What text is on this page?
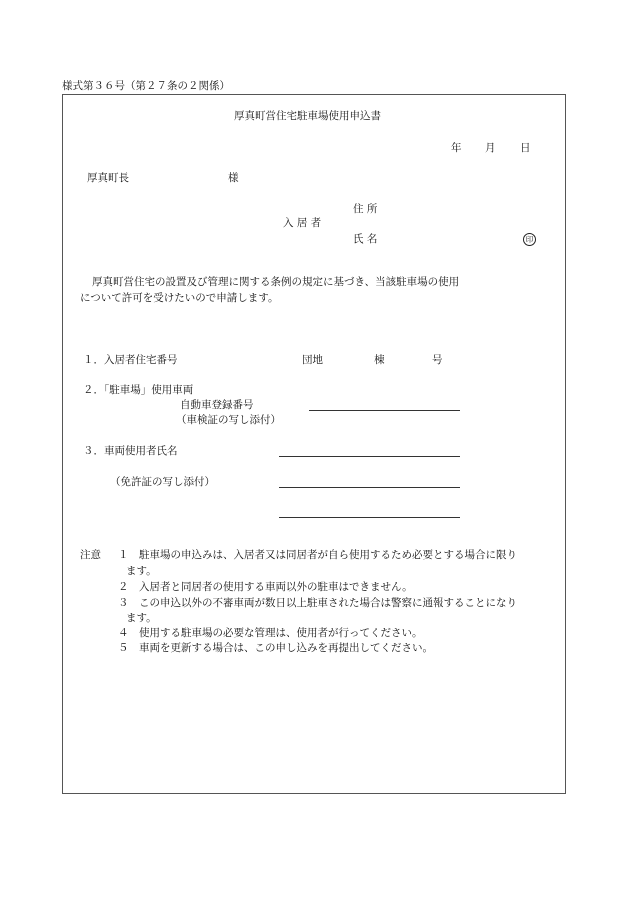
様式第３６号（第２７条の２関係）
厚真町営住宅駐車場使用申込書
年 月 日
厚真町長	様
住 所
入 居 者
氏 名	印
厚真町営住宅の設置及び管理に関する条例の規定に基づき、当該駐車場の使用
について許可を受けたいので申請します。
１．入居者住宅番号	団地	棟	号
２．「駐車場」使用車両
自動車登録番号
（車検証の写し添付）
３．車両使用者氏名
（免許証の写し添付）
注意 １ 駐車場の申込みは、入居者又は同居者が自ら使用するため必要とする場合に限り
ます。
２ 入居者と同居者の使用する車両以外の駐車はできません。
３ この申込以外の不審車両が数日以上駐車された場合は警察に通報することになり
ます。
４ 使用する駐車場の必要な管理は、使用者が行ってください。
５ 車両を更新する場合は、この申し込みを再提出してください。
